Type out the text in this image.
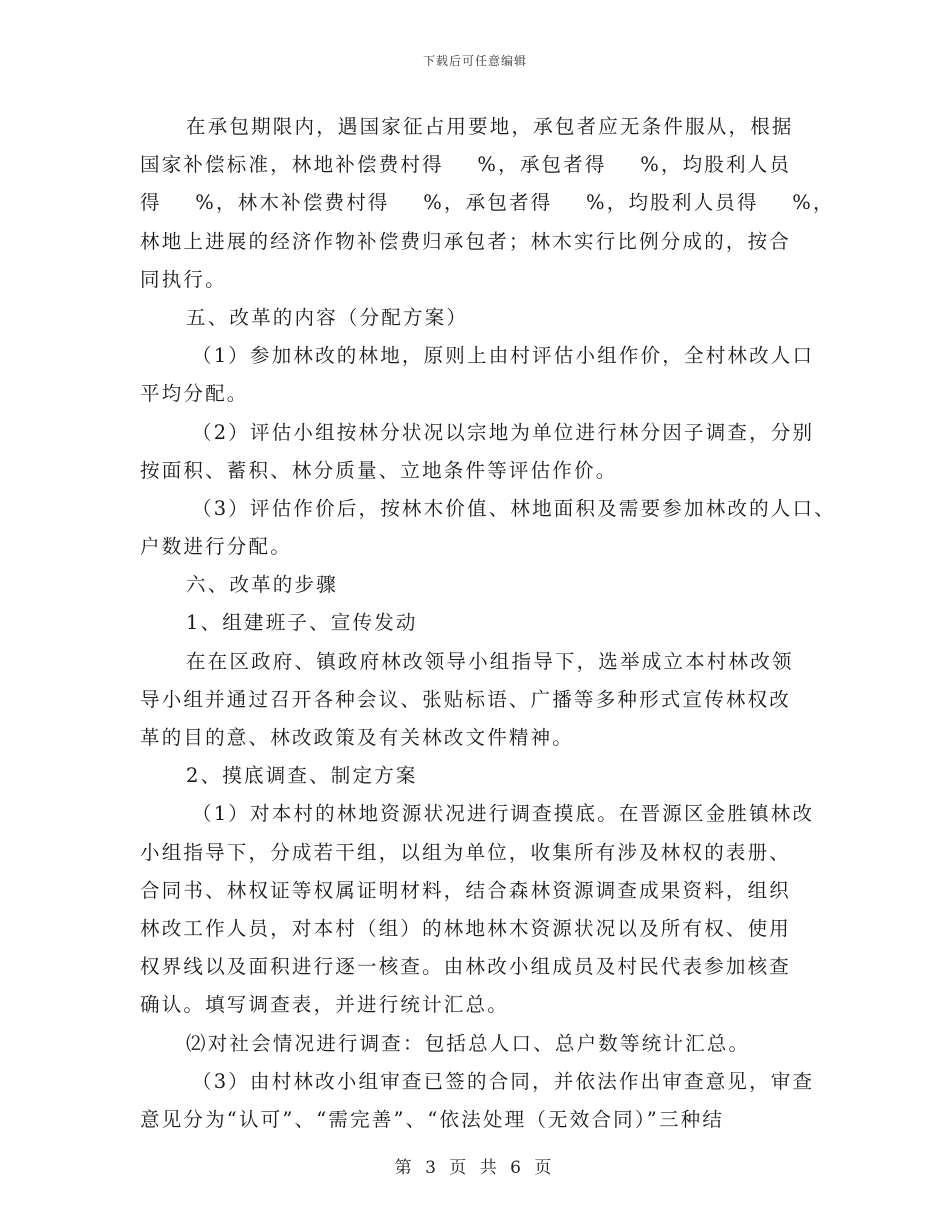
下载后可任意编辑
在承包期限内，遇国家征占用要地，承包者应无条件服从，根据
国家补偿标准，林地补偿费村得    %，承包者得    %，均股利人员
得    %，林木补偿费村得    %，承包者得    %，均股利人员得    %，
林地上进展的经济作物补偿费归承包者；林木实行比例分成的，按合
同执行。
五、改革的内容（分配方案）
（1）参加林改的林地，原则上由村评估小组作价，全村林改人口
平均分配。
（2）评估小组按林分状况以宗地为单位进行林分因子调查，分别
按面积、蓄积、林分质量、立地条件等评估作价。
（3）评估作价后，按林木价值、林地面积及需要参加林改的人口、
户数进行分配。
六、改革的步骤
1、组建班子、宣传发动
在在区政府、镇政府林改领导小组指导下，选举成立本村林改领
导小组并通过召开各种会议、张贴标语、广播等多种形式宣传林权改
革的目的意、林改政策及有关林改文件精神。
2、摸底调查、制定方案
（1）对本村的林地资源状况进行调查摸底。在晋源区金胜镇林改
小组指导下，分成若干组，以组为单位，收集所有涉及林权的表册、
合同书、林权证等权属证明材料，结合森林资源调查成果资料，组织
林改工作人员，对本村（组）的林地林木资源状况以及所有权、使用
权界线以及面积进行逐一核查。由林改小组成员及村民代表参加核查
确认。填写调查表，并进行统计汇总。
⑵对社会情况进行调查：包括总人口、总户数等统计汇总。
（3）由村林改小组审查已签的合同，并依法作出审查意见，审查
意见分为“认可”、“需完善”、“依法处理（无效合同）”三种结
第 3 页 共 6 页
